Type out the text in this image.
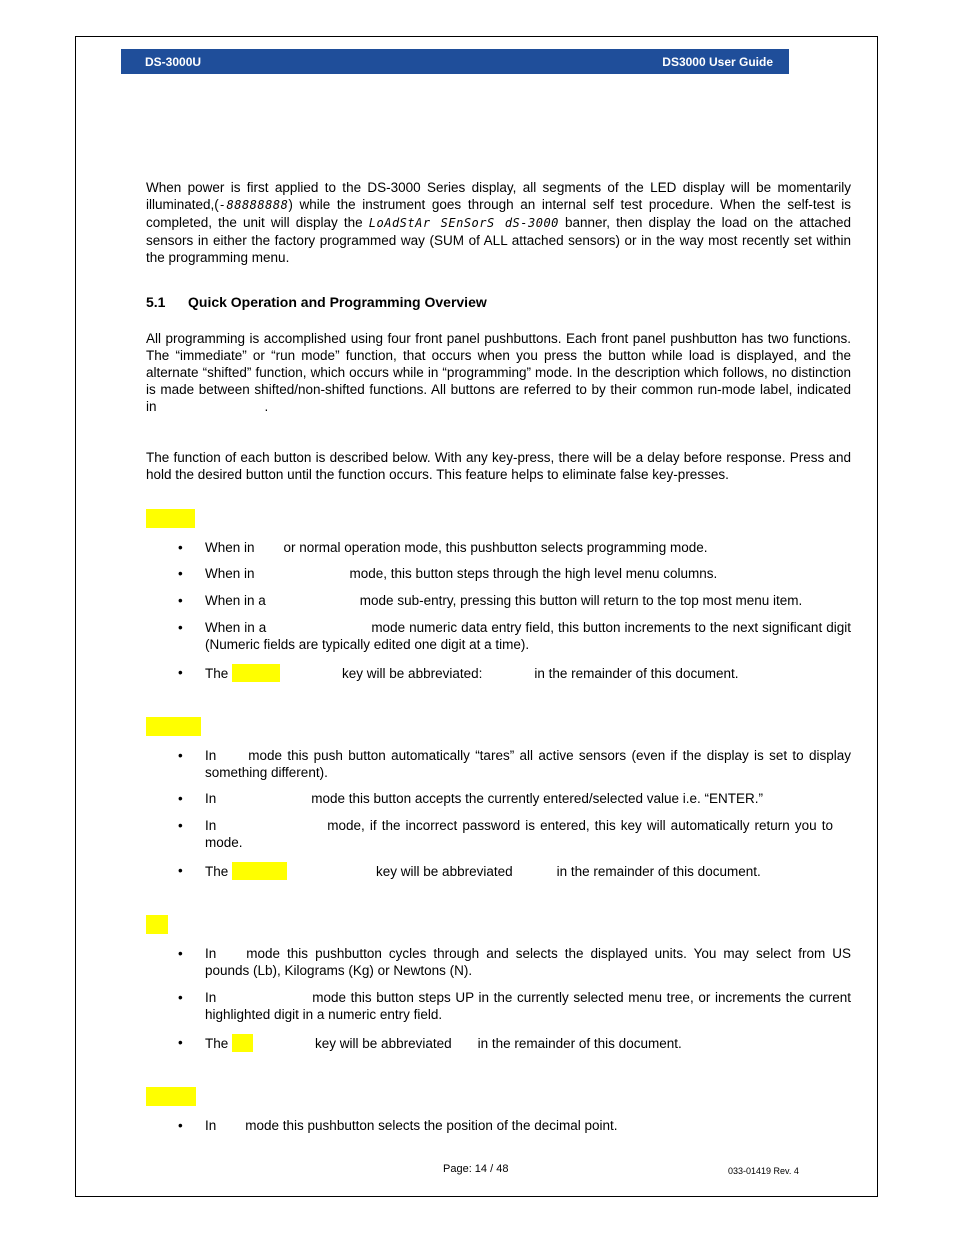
DS-3000U	DS3000 User Guide
When power is first applied to the DS-3000 Series display, all segments of the LED display will be momentarily illuminated,(-88888888) while the instrument goes through an internal self test procedure. When the self-test is completed, the unit will display the LoAdStAr SEnSorS dS-3000 banner, then display the load on the attached sensors in either the factory programmed way (SUM of ALL attached sensors) or in the way most recently set within the programming menu.
5.1 Quick Operation and Programming Overview
All programming is accomplished using four front panel pushbuttons. Each front panel pushbutton has two functions. The “immediate” or “run mode” function, that occurs when you press the button while load is displayed, and the alternate “shifted” function, which occurs while in “programming” mode. In the description which follows, no distinction is made between shifted/non-shifted functions. All buttons are referred to by their common run-mode label, indicated in	.
The function of each button is described below. With any key-press, there will be a delay before response. Press and hold the desired button until the function occurs. This feature helps to eliminate false key-presses.
• When in or normal operation mode, this pushbutton selects programming mode.
• When in	mode, this button steps through the high level menu columns.
• When in a	mode sub-entry, pressing this button will return to the top most menu item.
• When in a	mode numeric data entry field, this button increments to the next significant digit (Numeric fields are typically edited one digit at a time).
• The	key will be abbreviated:	in the remainder of this document.
• In mode this push button automatically “tares” all active sensors (even if the display is set to display something different).
• In	mode this button accepts the currently entered/selected value i.e. “ENTER.”
• In	mode, if the incorrect password is entered, this key will automatically return you tomode.
• The	key will be abbreviated	in the remainder of this document.
• In mode this pushbutton cycles through and selects the displayed units. You may select from US pounds (Lb), Kilograms (Kg) or Newtons (N).
• In	mode this button steps UP in the currently selected menu tree, or increments the current highlighted digit in a numeric entry field.
• The	key will be abbreviated in the remainder of this document.
• In mode this pushbutton selects the position of the decimal point.
Page: 14 / 48	033-01419 Rev. 4
